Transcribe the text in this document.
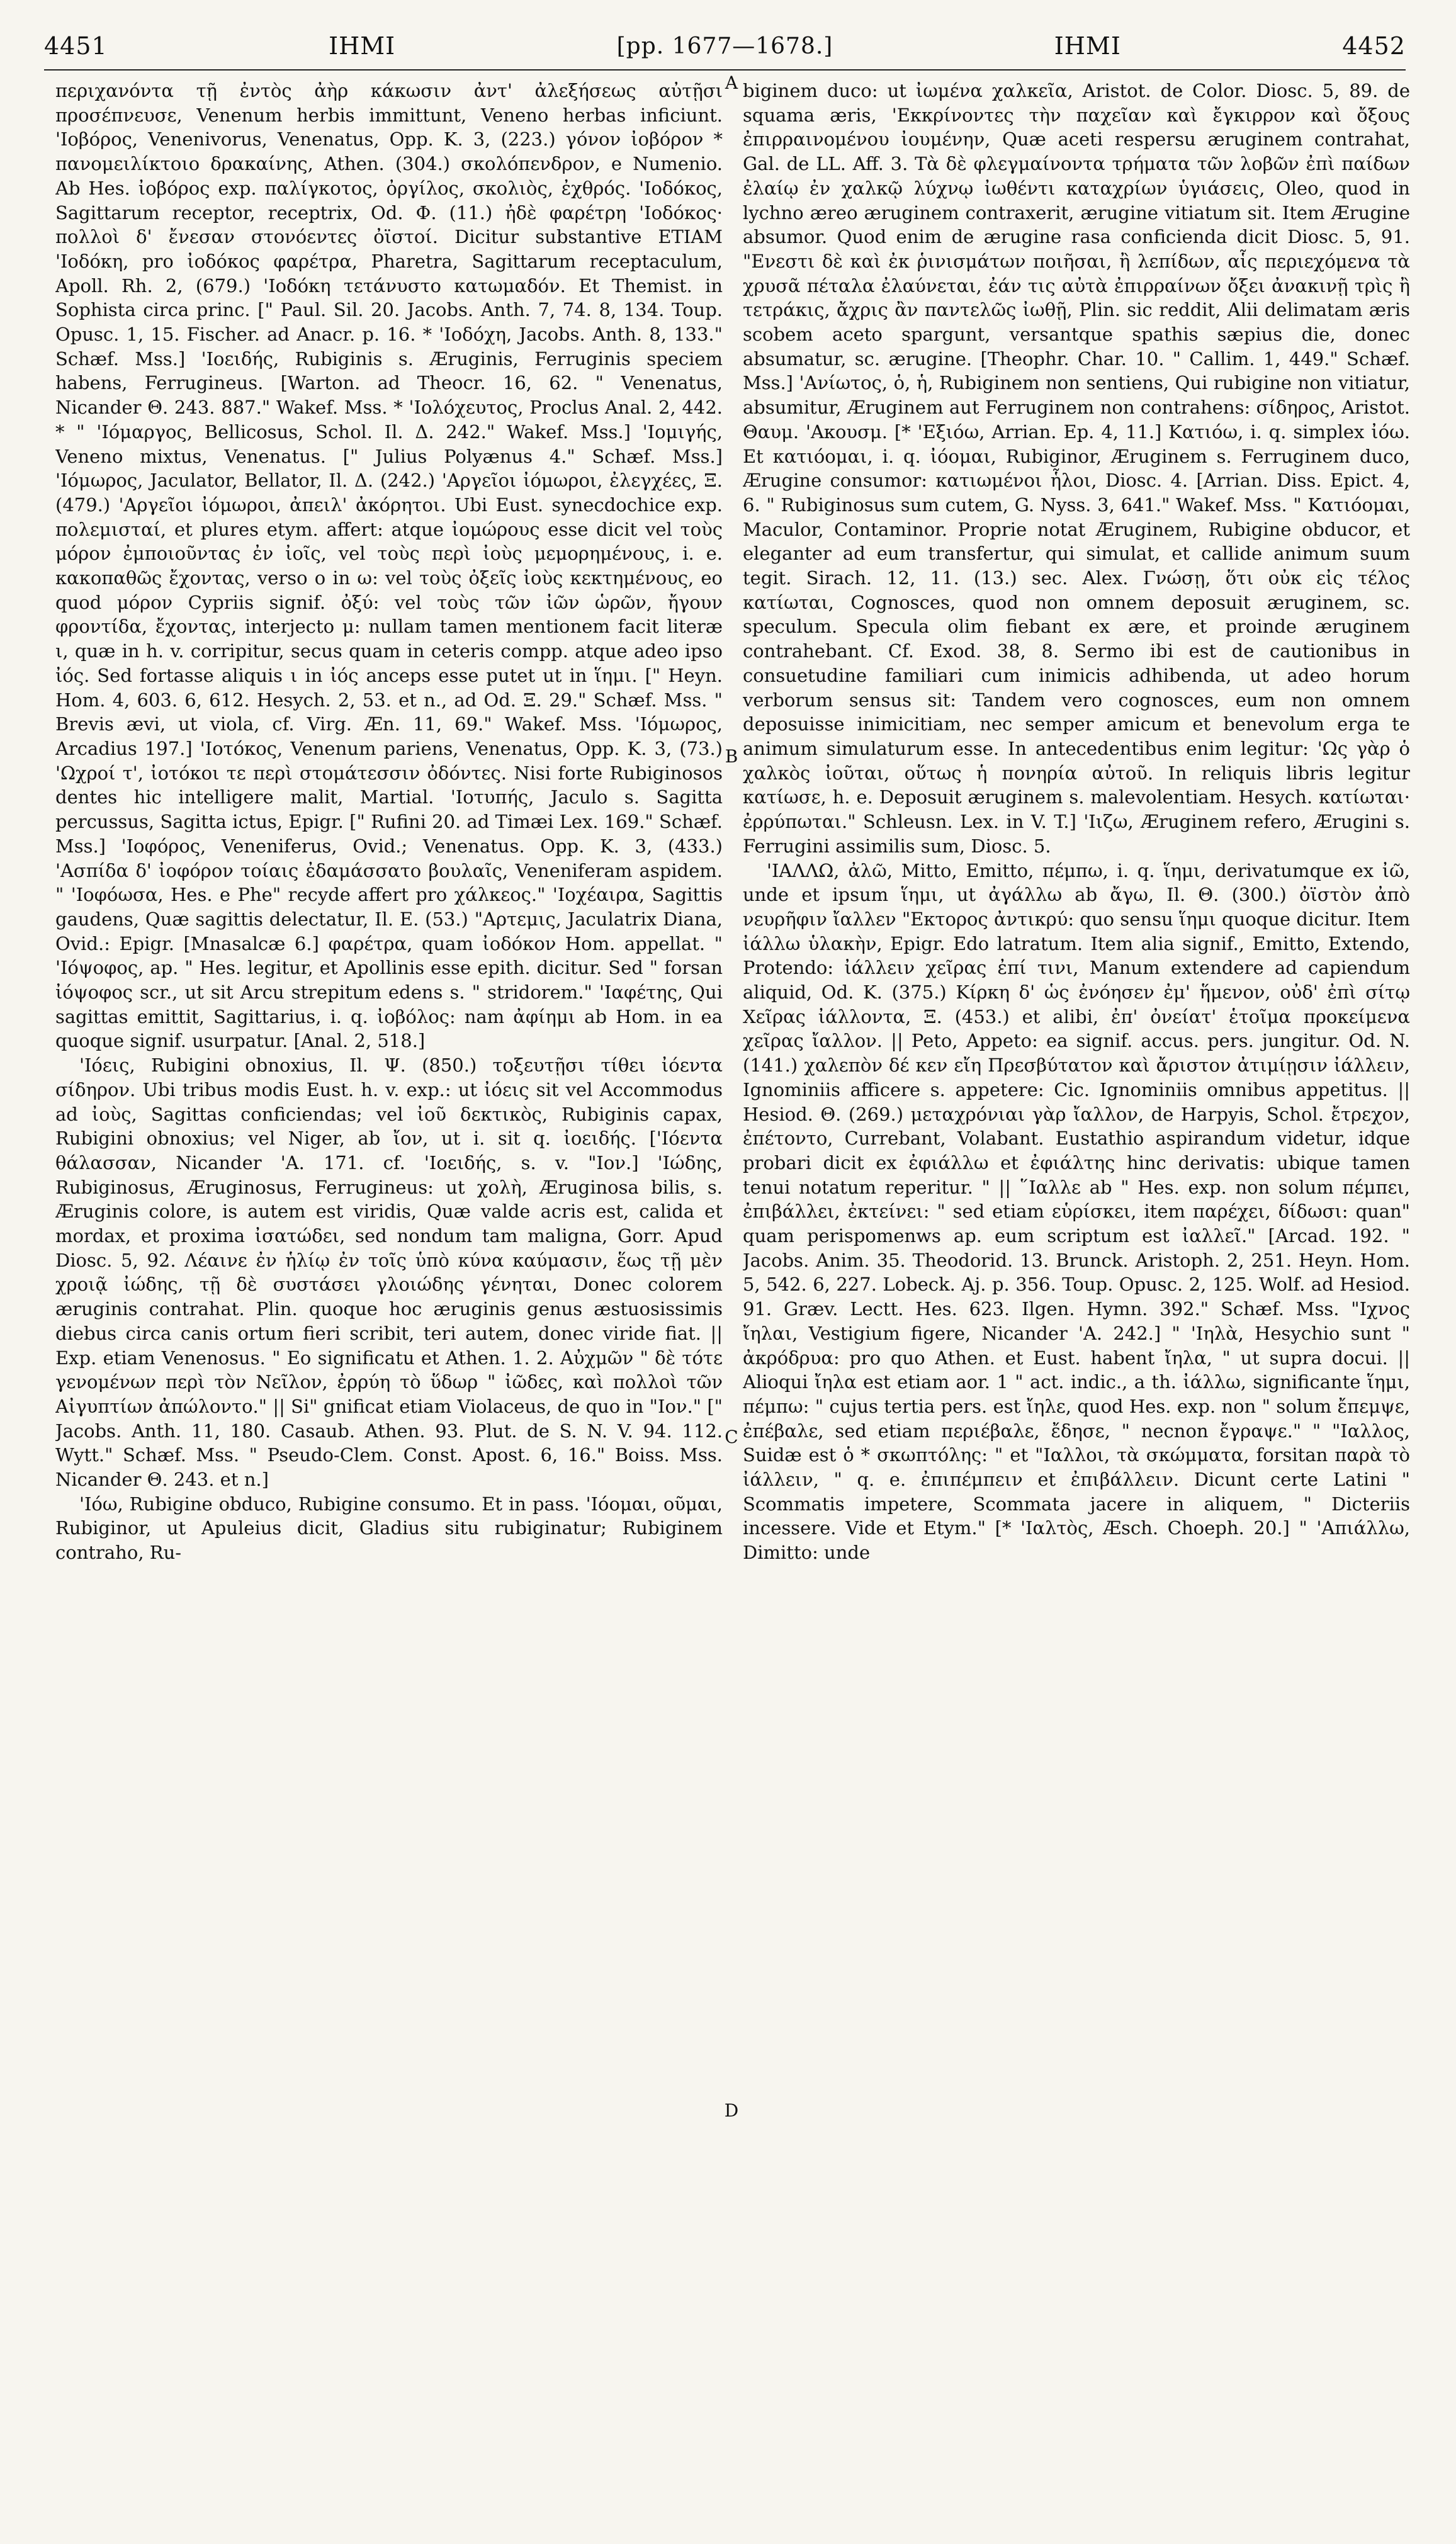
4451	ΙΗΜΙ	[pp. 1677—1678.]	ΙΗΜΙ	4452

περιχανόντα τῇ ἐντὸς ἀὴρ κάκωσιν ἀντ' ἀλεξήσεως αὐτῇσι προσέπνευσε, Venenum herbis immittunt, Veneno herbas inficiunt. 'Ιοβόρος, Venenivorus, Venenatus, Opp. K. 3, (223.) γόνον ἰοβόρον * πανομειλίκτοιο δρακαίνης, Athen. (304.) σκολόπενδρον, e Numenio. Ab Hes. ἰοβόρος exp. παλίγκοτος, ὀργίλος, σκολιὸς, ἐχθρός. 'Ιοδόκος, Sagittarum receptor, receptrix, Od. Φ. (11.) ἠδὲ φαρέτρη 'Ιοδόκος· πολλοὶ δ' ἔνεσαν στονόεντες ὀϊστοί. Dicitur substantive ETIAM 'Ιοδόκη, pro ἰοδόκος φαρέτρα, Pharetra, Sagittarum receptaculum, Apoll. Rh. 2, (679.) 'Ιοδόκη τετάνυστο κατωμαδόν. Et Themist. in Sophista circa princ. [" Paul. Sil. 20. Jacobs. Anth. 7, 74. 8, 134. Toup. Opusc. 1, 15. Fischer. ad Anacr. p. 16. * 'Ιοδόχη, Jacobs. Anth. 8, 133." Schæf. Mss.] 'Ιοειδής, Rubiginis s. Æruginis, Ferruginis speciem habens, Ferrugineus. [Warton. ad Theocr. 16, 62. " Venenatus, Nicander Θ. 243. 887." Wakef. Mss. * 'Ιολόχευτος, Proclus Anal. 2, 442. * " 'Ιόμαργος, Bellicosus, Schol. Il. Δ. 242." Wakef. Mss.] 'Ιομιγής, Veneno mixtus, Venenatus. [" Julius Polyænus 4." Schæf. Mss.] 'Ιόμωρος, Jaculator, Bellator, Il. Δ. (242.) 'Αργεῖοι ἰόμωροι, ἐλεγχέες, Ξ. (479.) 'Αργεῖοι ἰόμωροι, ἀπειλ' ἀκόρητοι. Ubi Eust. synecdochice exp. πολεμισταί, et plures etym. affert: atque ἰομώρους esse dicit vel τοὺς μόρον ἐμποιοῦντας ἐν ἰοῖς, vel τοὺς περὶ ἰοὺς μεμορημένους, i. e. κακοπαθῶς ἔχοντας, verso o in ω: vel τοὺς ὀξεῖς ἰοὺς κεκτημένους, eo quod μόρον Cypriis signif. ὀξύ: vel τοὺς τῶν ἰῶν ὡρῶν, ἤγουν φροντίδα, ἔχοντας, interjecto μ: nullam tamen mentionem facit literæ ι, quæ in h. v. corripitur, secus quam in ceteris compp. atque adeo ipso ἰός. Sed fortasse aliquis ι in ἰός anceps esse putet ut in ἵημι. [" Heyn. Hom. 4, 603. 6, 612. Hesych. 2, 53. et n., ad Od. Ξ. 29." Schæf. Mss. " Brevis ævi, ut viola, cf. Virg. Æn. 11, 69." Wakef. Mss. 'Ιόμωρος, Arcadius 197.] 'Ιοτόκος, Venenum pariens, Venenatus, Opp. K. 3, (73.) 'Ωχροί τ', ἰοτόκοι τε περὶ στομάτεσσιν ὀδόντες. Nisi forte Rubiginosos dentes hic intelligere malit, Martial. 'Ιοτυπής, Jaculo s. Sagitta percussus, Sagitta ictus, Epigr. [" Rufini 20. ad Timæi Lex. 169." Schæf. Mss.] 'Ιοφόρος, Veneniferus, Ovid.; Venenatus. Opp. K. 3, (433.) 'Ασπίδα δ' ἰοφόρον τοίαις ἐδαμάσσατο βουλαῖς, Veneniferam aspidem. " 'Ιοφόωσα, Hes. e Phe" recyde affert pro χάλκεος." 'Ιοχέαιρα, Sagittis gaudens, Quæ sagittis delectatur, Il. E. (53.) "Αρτεμις, Jaculatrix Diana, Ovid.: Epigr. [Mnasalcæ 6.] φαρέτρα, quam ἰοδόκον Hom. appellat. " 'Ιόψοφος, ap. " Hes. legitur, et Apollinis esse epith. dicitur. Sed " forsan ἰόψοφος scr., ut sit Arcu strepitum edens s. " stridorem." 'Ιαφέτης, Qui sagittas emittit, Sagittarius, i. q. ἰοβόλος: nam ἀφίημι ab Hom. in ea quoque signif. usurpatur. [Anal. 2, 518.]

'Ιόεις, Rubigini obnoxius, Il. Ψ. (850.) τοξευτῇσι τίθει ἰόεντα σίδηρον. Ubi tribus modis Eust. h. v. exp.: ut ἰόεις sit vel Accommodus ad ἰοὺς, Sagittas conficiendas; vel ἰοῦ δεκτικὸς, Rubiginis capax, Rubigini obnoxius; vel Niger, ab ἴον, ut i. sit q. ἰοειδής. ['Ιόεντα θάλασσαν, Nicander 'A. 171. cf. 'Ιοειδής, s. v. "Ιον.] 'Ιώδης, Rubiginosus, Æruginosus, Ferrugineus: ut χολὴ, Æruginosa bilis, s. Æruginis colore, is autem est viridis, Quæ valde acris est, calida et mordax, et proxima ἰσατώδει, sed nondum tam maligna, Gorr. Apud Diosc. 5, 92. Λέαινε ἐν ἡλίῳ ἐν τοῖς ὑπὸ κύνα καύμασιν, ἕως τῇ μὲν χροιᾷ ἰώδης, τῇ δὲ συστάσει γλοιώδης γένηται, Donec colorem æruginis contrahat. Plin. quoque hoc æruginis genus æstuosissimis diebus circa canis ortum fieri scribit, teri autem, donec viride fiat. || Exp. etiam Venenosus. " Eo significatu et Athen. 1. 2. Αὐχμῶν " δὲ τότε γενομένων περὶ τὸν Νεῖλον, ἐρρύη τὸ ὕδωρ " ἰῶδες, καὶ πολλοὶ τῶν Αἰγυπτίων ἀπώλοντο." || Si" gnificat etiam Violaceus, de quo in "Ιον." [" Jacobs. Anth. 11, 180. Casaub. Athen. 93. Plut. de S. N. V. 94. 112. Wytt." Schæf. Mss. " Pseudo-Clem. Const. Apost. 6, 16." Boiss. Mss. Nicander Θ. 243. et n.]

'Ιόω, Rubigine obduco, Rubigine consumo. Et in pass. 'Ιόομαι, οῦμαι, Rubiginor, ut Apuleius dicit, Gladius situ rubiginatur; Rubiginem contraho, Ru-

biginem duco: ut ἰωμένα χαλκεῖα, Aristot. de Color. Diosc. 5, 89. de squama æris, 'Εκκρίνοντες τὴν παχεῖαν καὶ ἔγκιρρον καὶ ὄξους ἐπιρραινομένου ἰουμένην, Quæ aceti respersu æruginem contrahat, Gal. de LL. Aff. 3. Τὰ δὲ φλεγμαίνοντα τρήματα τῶν λοβῶν ἐπὶ παίδων ἐλαίῳ ἐν χαλκῷ λύχνῳ ἰωθέντι καταχρίων ὑγιάσεις, Oleo, quod in lychno æreo æruginem contraxerit, ærugine vitiatum sit. Item Ærugine absumor. Quod enim de ærugine rasa conficienda dicit Diosc. 5, 91. "Ενεστι δὲ καὶ ἐκ ῥινισμάτων ποιῆσαι, ἢ λεπίδων, αἷς περιεχόμενα τὰ χρυσᾶ πέταλα ἐλαύνεται, ἐάν τις αὐτὰ ἐπιρραίνων ὄξει ἀνακινῇ τρὶς ἢ τετράκις, ἄχρις ἂν παντελῶς ἰωθῇ, Plin. sic reddit, Alii delimatam æris scobem aceto spargunt, versantque spathis sæpius die, donec absumatur, sc. ærugine. [Theophr. Char. 10. " Callim. 1, 449." Schæf. Mss.] 'Ανίωτος, ὁ, ἡ, Rubiginem non sentiens, Qui rubigine non vitiatur, absumitur, Æruginem aut Ferruginem non contrahens: σίδηρος, Aristot. Θαυμ. 'Ακουσμ. [* 'Εξιόω, Arrian. Ep. 4, 11.] Κατιόω, i. q. simplex ἰόω. Et κατιόομαι, i. q. ἰόομαι, Rubiginor, Æruginem s. Ferruginem duco, Ærugine consumor: κατιωμένοι ἧλοι, Diosc. 4. [Arrian. Diss. Epict. 4, 6. " Rubiginosus sum cutem, G. Nyss. 3, 641." Wakef. Mss. " Κατιόομαι, Maculor, Contaminor. Proprie notat Æruginem, Rubigine obducor, et eleganter ad eum transfertur, qui simulat, et callide animum suum tegit. Sirach. 12, 11. (13.) sec. Alex. Γνώσῃ, ὅτι οὐκ εἰς τέλος κατίωται, Cognosces, quod non omnem deposuit æruginem, sc. speculum. Specula olim fiebant ex ære, et proinde æruginem contrahebant. Cf. Exod. 38, 8. Sermo ibi est de cautionibus in consuetudine familiari cum inimicis adhibenda, ut adeo horum verborum sensus sit: Tandem vero cognosces, eum non omnem deposuisse inimicitiam, nec semper amicum et benevolum erga te animum simulaturum esse. In antecedentibus enim legitur: 'Ως γὰρ ὁ χαλκὸς ἰοῦται, οὕτως ἡ πονηρία αὐτοῦ. In reliquis libris legitur κατίωσε, h. e. Deposuit æruginem s. malevolentiam. Hesych. κατίωται· ἐρρύπωται." Schleusn. Lex. in V. T.] 'Ιιζω, Æruginem refero, Ærugini s. Ferrugini assimilis sum, Diosc. 5.

'ΙΑΛΛΩ, ἀλῶ, Mitto, Emitto, πέμπω, i. q. ἵημι, derivatumque ex ἰῶ, unde et ipsum ἵημι, ut ἀγάλλω ab ἄγω, Il. Θ. (300.) ὀϊστὸν ἀπὸ νευρῆφιν ἴαλλεν "Εκτορος ἀντικρύ: quo sensu ἵημι quoque dicitur. Item ἰάλλω ὑλακὴν, Epigr. Edo latratum. Item alia signif., Emitto, Extendo, Protendo: ἰάλλειν χεῖρας ἐπί τινι, Manum extendere ad capiendum aliquid, Od. K. (375.) Κίρκη δ' ὡς ἐνόησεν ἐμ' ἥμενον, οὐδ' ἐπὶ σίτῳ Χεῖρας ἰάλλοντα, Ξ. (453.) et alibi, ἐπ' ὀνείατ' ἑτοῖμα προκείμενα χεῖρας ἴαλλον. || Peto, Appeto: ea signif. accus. pers. jungitur. Od. N. (141.) χαλεπὸν δέ κεν εἴη Πρεσβύτατον καὶ ἄριστον ἀτιμίῃσιν ἰάλλειν, Ignominiis afficere s. appetere: Cic. Ignominiis omnibus appetitus. || Hesiod. Θ. (269.) μεταχρόνιαι γὰρ ἴαλλον, de Harpyis, Schol. ἔτρεχον, ἐπέτοντο, Currebant, Volabant. Eustathio aspirandum videtur, idque probari dicit ex ἐφιάλλω et ἐφιάλτης hinc derivatis: ubique tamen tenui notatum reperitur. " || ῞Ιαλλε ab " Hes. exp. non solum πέμπει, ἐπιβάλλει, ἐκτείνει: " sed etiam εὑρίσκει, item παρέχει, δίδωσι: quan" quam perispomenws ap. eum scriptum est ἰαλλεῖ." [Arcad. 192. " Jacobs. Anim. 35. Theodorid. 13. Brunck. Aristoph. 2, 251. Heyn. Hom. 5, 542. 6, 227. Lobeck. Aj. p. 356. Toup. Opusc. 2, 125. Wolf. ad Hesiod. 91. Græv. Lectt. Hes. 623. Ilgen. Hymn. 392." Schæf. Mss. "Ιχνος ἴηλαι, Vestigium figere, Nicander 'A. 242.] " 'Ιηλὰ, Hesychio sunt " ἀκρόδρυα: pro quo Athen. et Eust. habent ἴηλα, " ut supra docui. || Alioqui ἴηλα est etiam aor. 1 " act. indic., a th. ἰάλλω, significante ἵημι, πέμπω: " cujus tertia pers. est ἴηλε, quod Hes. exp. non " solum ἔπεμψε, ἐπέβαλε, sed etiam περιέβαλε, ἔδησε, " necnon ἔγραψε." " "Ιαλλος, Suidæ est ὁ * σκωπτόλης: " et "Ιαλλοι, τὰ σκώμματα, forsitan παρὰ τὸ ἰάλλειν, " q. e. ἐπιπέμπειν et ἐπιβάλλειν. Dicunt certe Latini " Scommatis impetere, Scommata jacere in aliquem, " Dicteriis incessere. Vide et Etym." [* 'Ιαλτὸς, Æsch. Choeph. 20.] " 'Απιάλλω, Dimitto: unde

A
B
C
D
